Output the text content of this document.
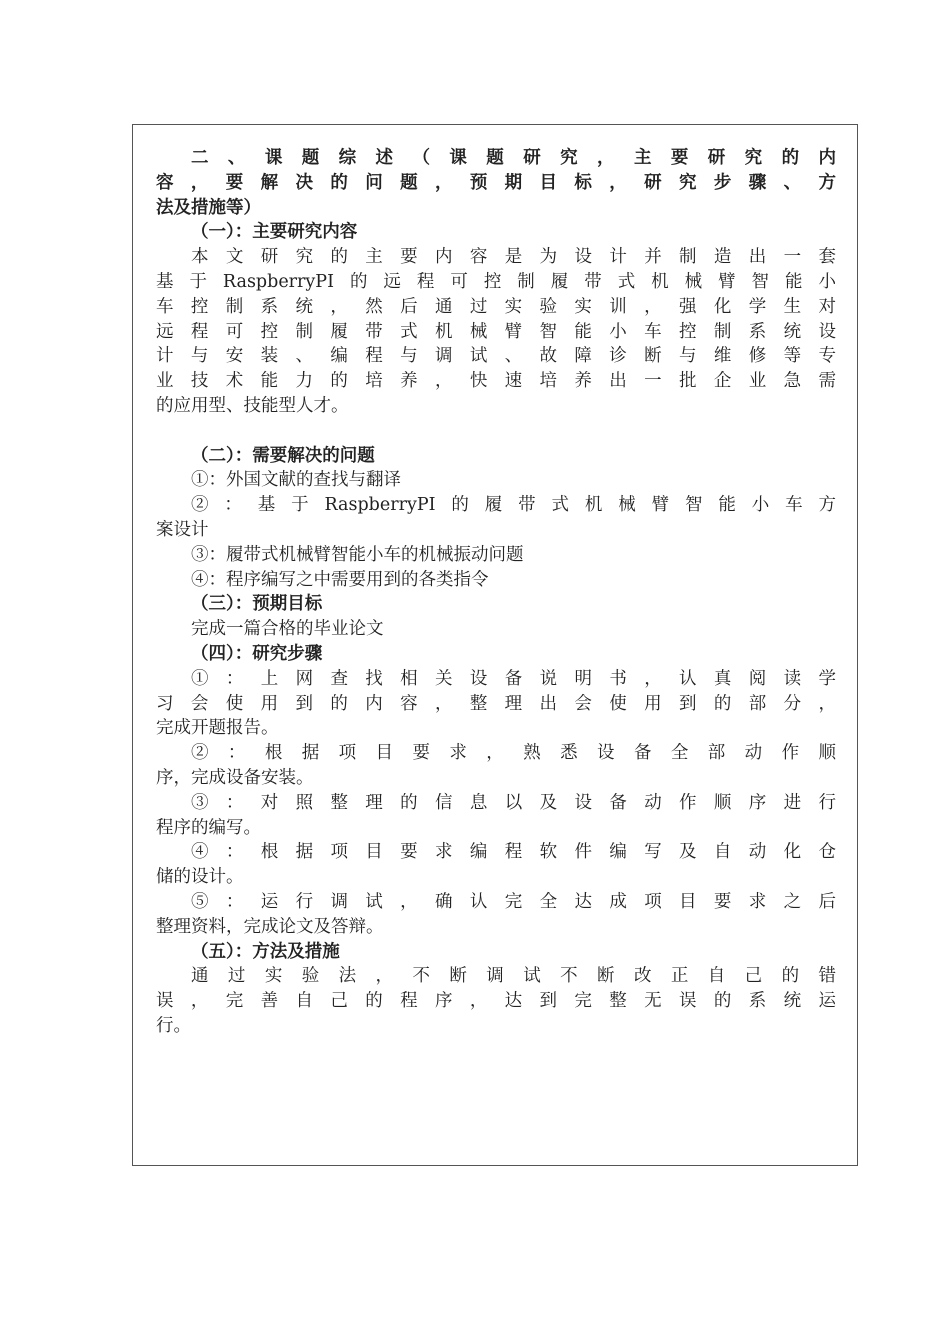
二、课题综述（课题研究，主要研究的内

容，要解决的问题，预期目标，研究步骤、方

法及措施等）

（一）：主要研究内容

本文研究的主要内容是为设计并制造出一套

基于RaspberryPI的远程可控制履带式机械臂智能小

车控制系统，然后通过实验实训，强化学生对

远程可控制履带式机械臂智能小车控制系统设

计与安装、编程与调试、故障诊断与维修等专

业技术能力的培养，快速培养出一批企业急需

的应用型、技能型人才。

（二）：需要解决的问题

①：外国文献的查找与翻译

②：基于RaspberryPI的履带式机械臂智能小车方

案设计

③：履带式机械臂智能小车的机械振动问题

④：程序编写之中需要用到的各类指令

（三）：预期目标

完成一篇合格的毕业论文

（四）：研究步骤

①：上网查找相关设备说明书，认真阅读学

习会使用到的内容，整理出会使用到的部分，

完成开题报告。

②：根据项目要求，熟悉设备全部动作顺

序，完成设备安装。

③：对照整理的信息以及设备动作顺序进行

程序的编写。

④：根据项目要求编程软件编写及自动化仓

储的设计。

⑤：运行调试，确认完全达成项目要求之后

整理资料，完成论文及答辩。

（五）：方法及措施

通过实验法，不断调试不断改正自己的错

误，完善自己的程序，达到完整无误的系统运

行。
